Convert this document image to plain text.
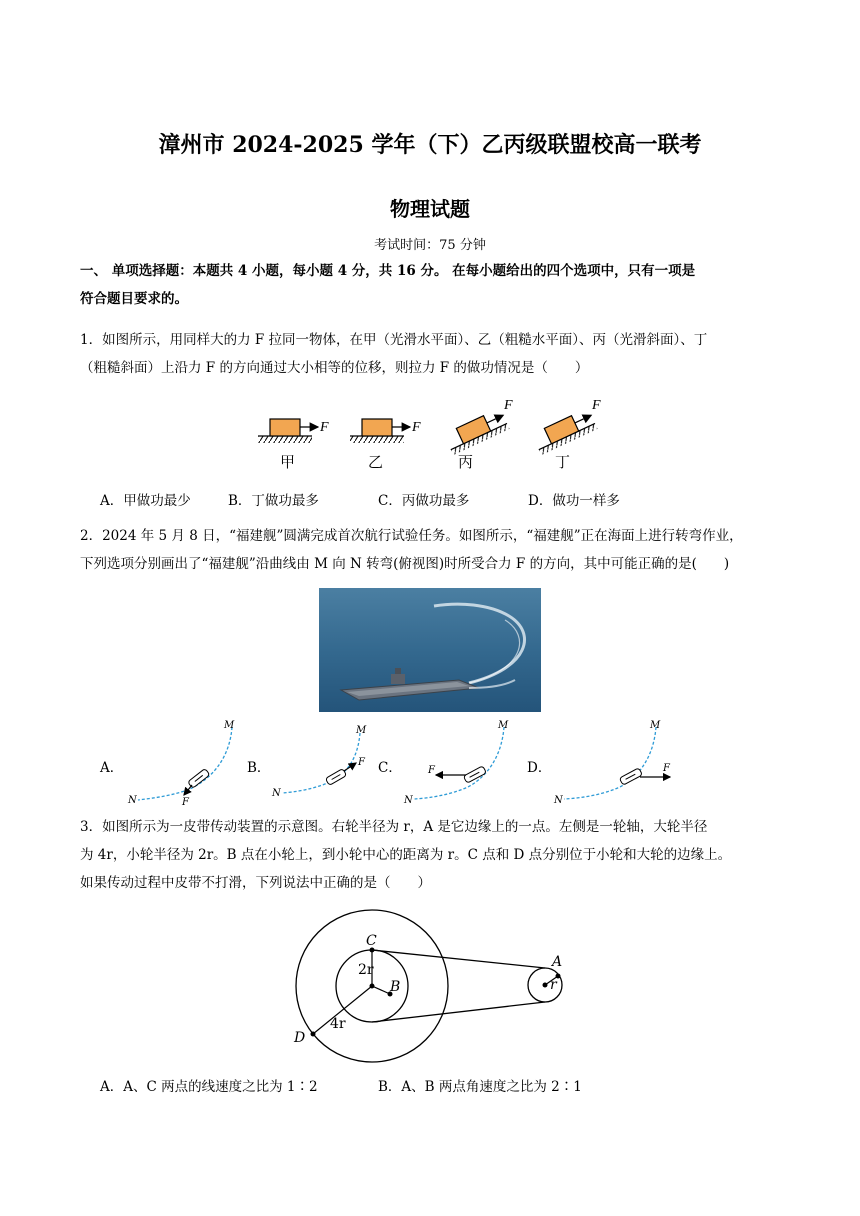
漳州市 2024-2025 学年（下）乙丙级联盟校高一联考
物理试题
考试时间：75 分钟
一、 单项选择题：本题共 4 小题，每小题 4 分，共 16 分。 在每小题给出的四个选项中，只有一项是
符合题目要求的。
1．如图所示，用同样大的力 F 拉同一物体，在甲（光滑水平面）、乙（粗糙水平面）、丙（光滑斜面）、丁
（粗糙斜面）上沿力 F 的方向通过大小相等的位移，则拉力 F 的做功情况是（　　）
F	F
F	F
甲	乙	丙	丁
A．甲做功最少	B．丁做功最多	C．丙做功最多	D．做功一样多
2．2024 年 5 月 8 日，“福建舰”圆满完成首次航行试验任务。如图所示，“福建舰”正在海面上进行转弯作业，
下列选项分别画出了“福建舰”沿曲线由 M 向 N 转弯(俯视图)时所受合力 F 的方向，其中可能正确的是(　　)
A．	B．	C．	D．
M
N	F
M
N
F
M
N
F
M
N
F
3．如图所示为一皮带传动装置的示意图。右轮半径为 r，A 是它边缘上的一点。左侧是一轮轴，大轮半径
为 4r，小轮半径为 2r。B 点在小轮上，到小轮中心的距离为 r。C 点和 D 点分别位于小轮和大轮的边缘上。
如果传动过程中皮带不打滑，下列说法中正确的是（　　）
C
2r
B
D
4r
A
r
A．A、C 两点的线速度之比为 1∶2	B．A、B 两点角速度之比为 2∶1
